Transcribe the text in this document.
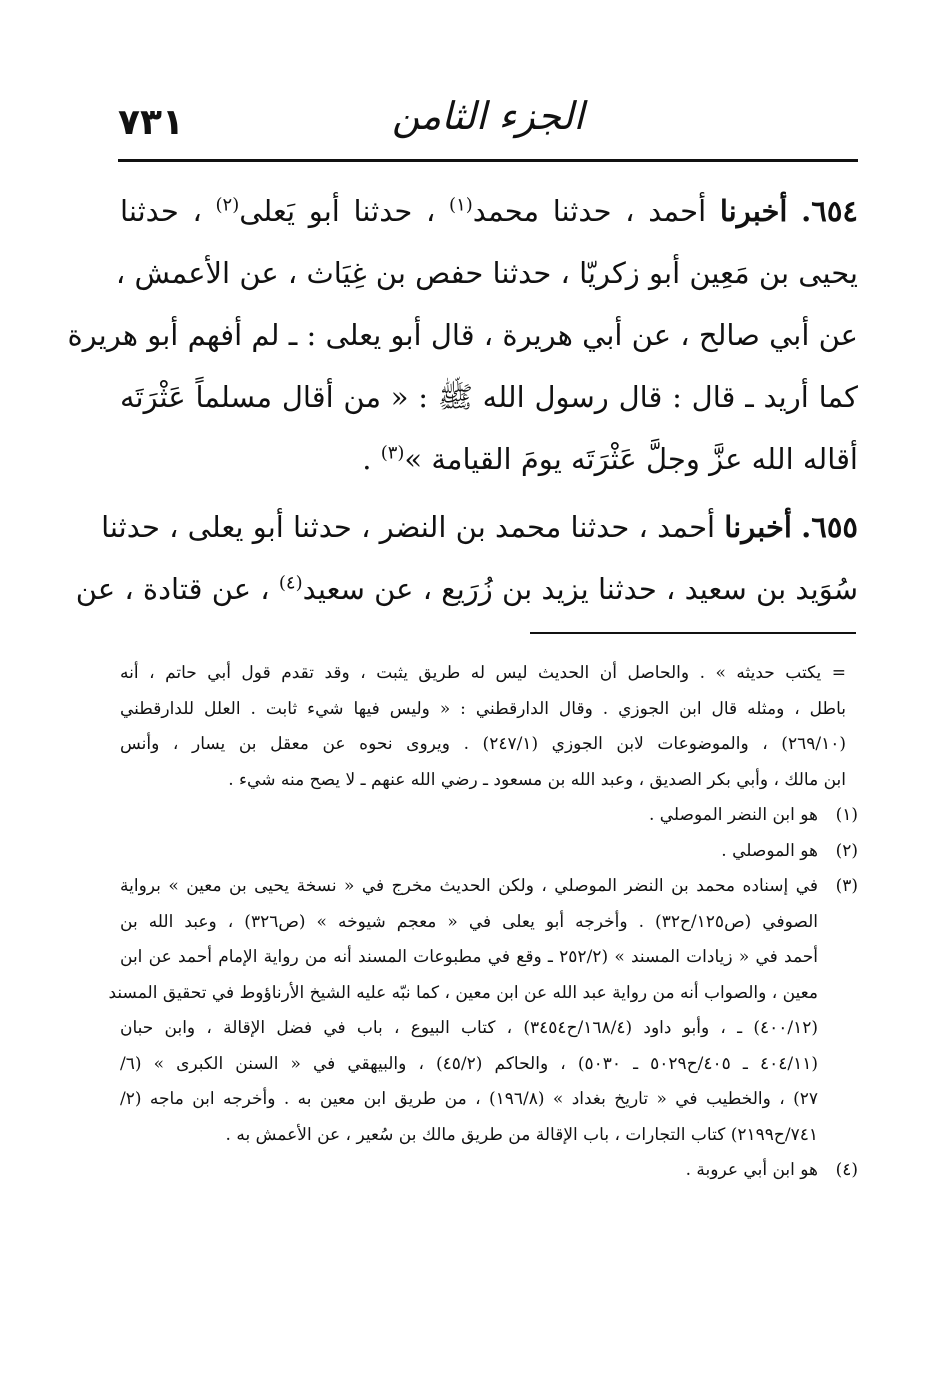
الجزء الثامن
٧٣١
٦٥٤. أخبرنا أحمد ، حدثنا محمد$^{(١)}$ ، حدثنا أبو يَعلى$^{(٢)}$ ، حدثنا
يحيى بن مَعِين أبو زكريّا ، حدثنا حفص بن غِيَاث ، عن الأعمش ،
عن أبي صالح ، عن أبي هريرة ، قال أبو يعلى : ـ لم أفهم أبو هريرة
كما أريد ـ قال : قال رسول الله ﷺ : « من أقال مسلماً عَثْرَتَه
أقاله الله عزَّ وجلَّ عَثْرَتَه يومَ القيامة »$^{(٣)}$ .
٦٥٥. أخبرنا أحمد ، حدثنا محمد بن النضر ، حدثنا أبو يعلى ، حدثنا
سُوَيد بن سعيد ، حدثنا يزيد بن زُرَيع ، عن سعيد$^{(٤)}$ ، عن قتادة ، عن
= يكتب حديثه » . والحاصل أن الحديث ليس له طريق يثبت ، وقد تقدم قول أبي حاتم ، أنه
باطل ، ومثله قال ابن الجوزي . وقال الدارقطني : « وليس فيها شيء ثابت . العلل للدارقطني
(٢٦٩/١٠) ، والموضوعات لابن الجوزي (٢٤٧/١) . ويروى نحوه عن معقل بن يسار ، وأنس
ابن مالك ، وأبي بكر الصديق ، وعبد الله بن مسعود ـ رضي الله عنهم ـ لا يصح منه شيء .
(١)
هو ابن النضر الموصلي .
(٢)
هو الموصلي .
(٣)
في إسناده محمد بن النضر الموصلي ، ولكن الحديث مخرج في « نسخة يحيى بن معين » برواية
الصوفي (ص١٢٥/ح٣٢) . وأخرجه أبو يعلى في « معجم شيوخه » (ص٣٢٦) ، وعبد الله بن
أحمد في « زيادات المسند » (٢٥٢/٢ ـ وقع في مطبوعات المسند أنه من رواية الإمام أحمد عن ابن
معين ، والصواب أنه من رواية عبد الله عن ابن معين ، كما نبّه عليه الشيخ الأرناؤوط في تحقيق المسند
(٤٠٠/١٢) ـ ، وأبو داود (١٦٨/٤/ح٣٤٥٤) ، كتاب البيوع ، باب في فضل الإقالة ، وابن حبان
(٤٠٤/١١ ـ ٤٠٥/ح٥٠٢٩ ـ ٥٠٣٠) ، والحاكم (٤٥/٢) ، والبيهقي في « السنن الكبرى » (٦/
٢٧) ، والخطيب في « تاريخ بغداد » (١٩٦/٨) ، من طريق ابن معين به . وأخرجه ابن ماجه (٢/
٧٤١/ح٢١٩٩) كتاب التجارات ، باب الإقالة من طريق مالك بن سُعير ، عن الأعمش به .
(٤)
هو ابن أبي عروبة .
